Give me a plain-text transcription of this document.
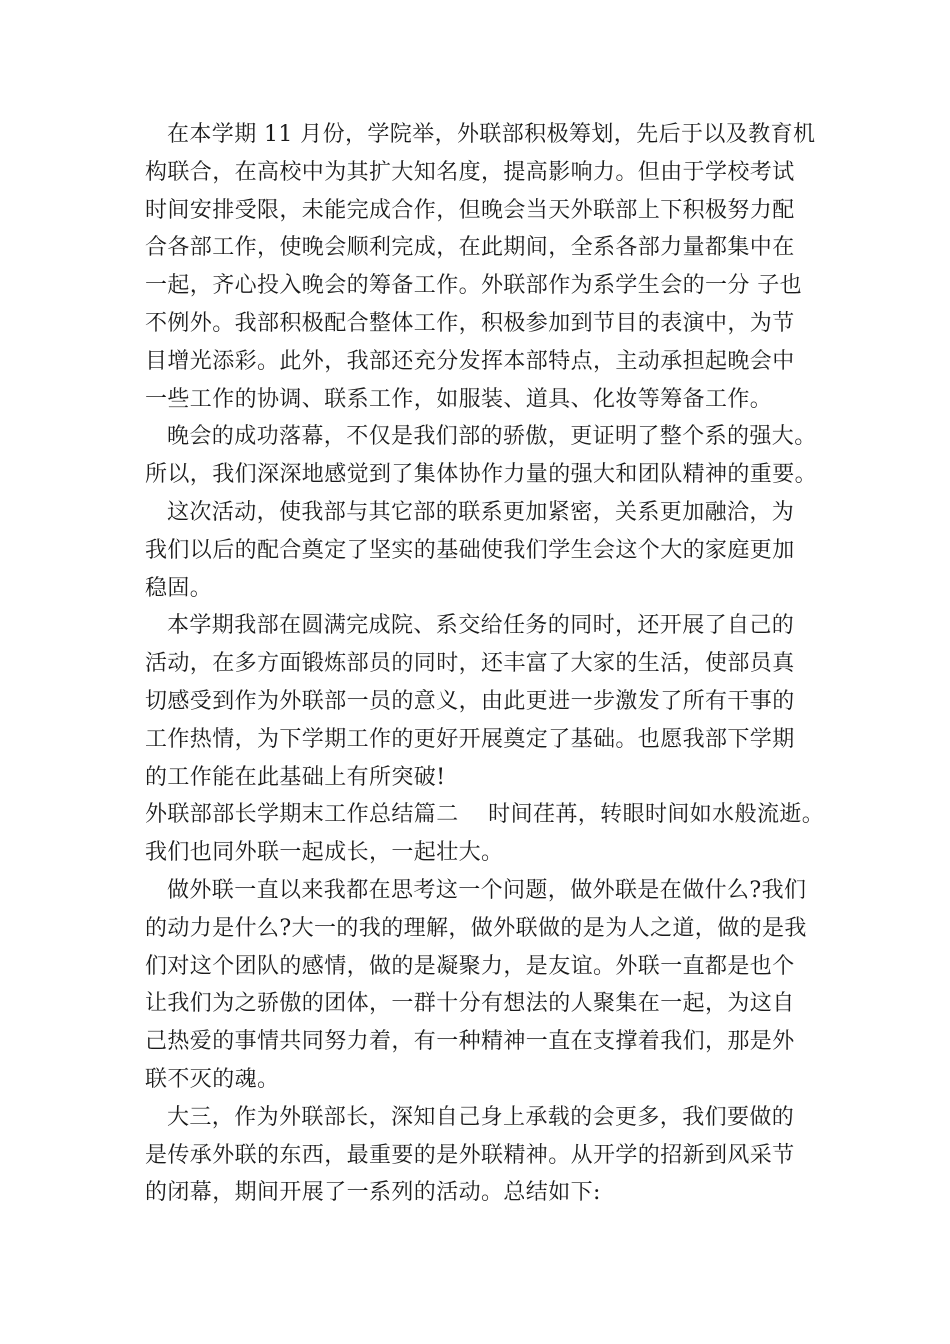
在本学期 11 月份，学院举，外联部积极筹划，先后于以及教育机
构联合，在高校中为其扩大知名度，提高影响力。但由于学校考试
时间安排受限，未能完成合作，但晚会当天外联部上下积极努力配
合各部工作，使晚会顺利完成，在此期间，全系各部力量都集中在
一起，齐心投入晚会的筹备工作。外联部作为系学生会的一分 子也
不例外。我部积极配合整体工作，积极参加到节目的表演中，为节
目增光添彩。此外，我部还充分发挥本部特点，主动承担起晚会中
一些工作的协调、联系工作，如服装、道具、化妆等筹备工作。
晚会的成功落幕，不仅是我们部的骄傲，更证明了整个系的强大。
所以，我们深深地感觉到了集体协作力量的强大和团队精神的重要。
这次活动，使我部与其它部的联系更加紧密，关系更加融洽，为
我们以后的配合奠定了坚实的基础使我们学生会这个大的家庭更加
稳固。
本学期我部在圆满完成院、系交给任务的同时，还开展了自己的
活动，在多方面锻炼部员的同时，还丰富了大家的生活，使部员真
切感受到作为外联部一员的意义，由此更进一步激发了所有干事的
工作热情，为下学期工作的更好开展奠定了基础。也愿我部下学期
的工作能在此基础上有所突破!
外联部部长学期末工作总结篇二    时间荏苒，转眼时间如水般流逝。
我们也同外联一起成长，一起壮大。
做外联一直以来我都在思考这一个问题，做外联是在做什么?我们
的动力是什么?大一的我的理解，做外联做的是为人之道，做的是我
们对这个团队的感情，做的是凝聚力，是友谊。外联一直都是也个
让我们为之骄傲的团体，一群十分有想法的人聚集在一起，为这自
己热爱的事情共同努力着，有一种精神一直在支撑着我们，那是外
联不灭的魂。
大三，作为外联部长，深知自己身上承载的会更多，我们要做的
是传承外联的东西，最重要的是外联精神。从开学的招新到风采节
的闭幕，期间开展了一系列的活动。总结如下:
